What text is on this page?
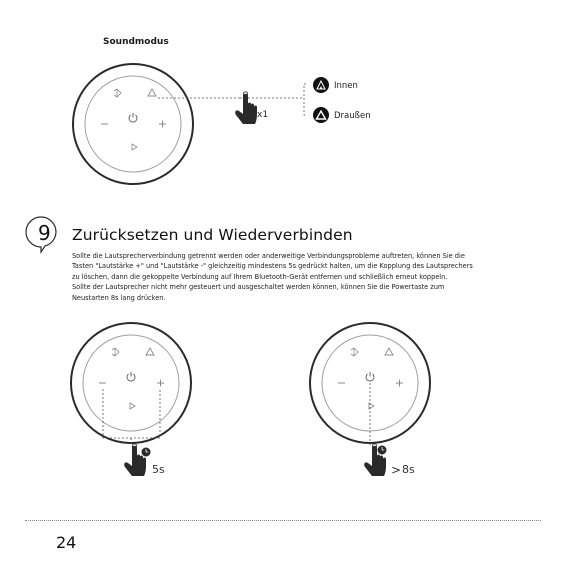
Soundmodus
x1
Innen
Draußen
Zurücksetzen und Wiederverbinden

Sollte die Lautsprecherverbindung getrennt werden oder anderweitige Verbindungsprobleme auftreten, können Sie die

Tasten "Lautstärke +" und "Lautstärke -" gleichzeitig mindestens 5s gedrückt halten, um die Kopplung des Lautsprechers

zu löschen, dann die gekoppelte Verbindung auf Ihrem Bluetooth-Gerät entfernen und schließlich erneut koppeln.

Sollte der Lautsprecher nicht mehr gesteuert und ausgeschaltet werden können, können Sie die Powertaste zum

Neustarten 8s lang drücken.

5s	> 8s
24
9
